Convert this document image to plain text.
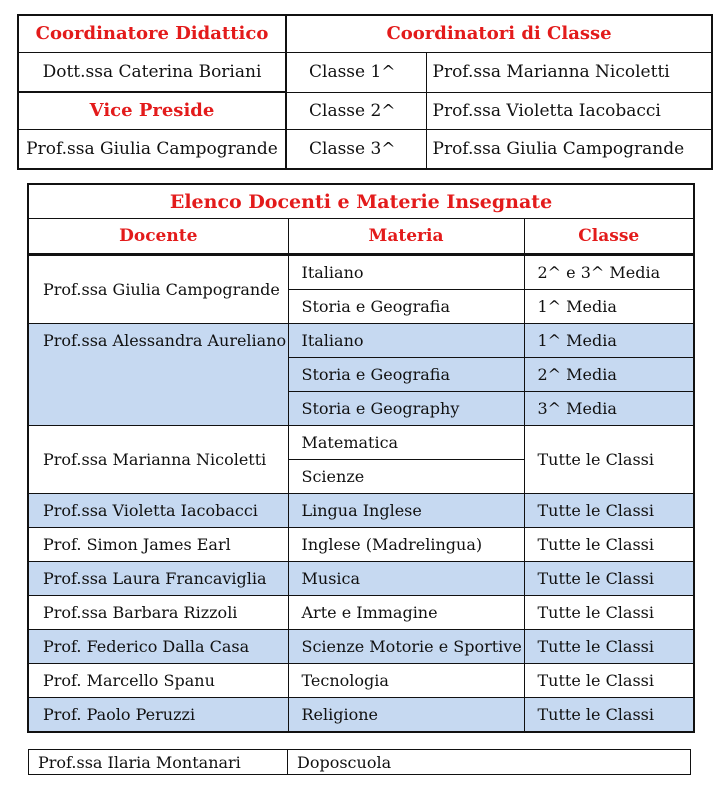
Coordinatore Didattico	Coordinatori di Classe	
Dott.ssa Caterina Boriani	Classe 1^	Prof.ssa Marianna Nicoletti
Vice Preside	Classe 2^	Prof.ssa Violetta Iacobacci
Prof.ssa Giulia Campogrande	Classe 3^	Prof.ssa Giulia Campogrande
Elenco Docenti e Materie Insegnate		
Docente	Materia	Classe
Prof.ssa Giulia Campogrande	Italiano	2^ e 3^ Media
	Storia e Geografia	1^ Media
Prof.ssa Alessandra Aureliano	Italiano	1^ Media
	Storia e Geografia	2^ Media
	Storia e Geography	3^ Media
Prof.ssa Marianna Nicoletti	Matematica	Tutte le Classi
	Scienze	
Prof.ssa Violetta Iacobacci	Lingua Inglese	Tutte le Classi
Prof. Simon James Earl	Inglese (Madrelingua)	Tutte le Classi
Prof.ssa Laura Francaviglia	Musica	Tutte le Classi
Prof.ssa Barbara Rizzoli	Arte e Immagine	Tutte le Classi
Prof. Federico Dalla Casa	Scienze Motorie e Sportive	Tutte le Classi
Prof. Marcello Spanu	Tecnologia	Tutte le Classi
Prof. Paolo Peruzzi	Religione	Tutte le Classi
Prof.ssa Ilaria Montanari	Doposcuola
